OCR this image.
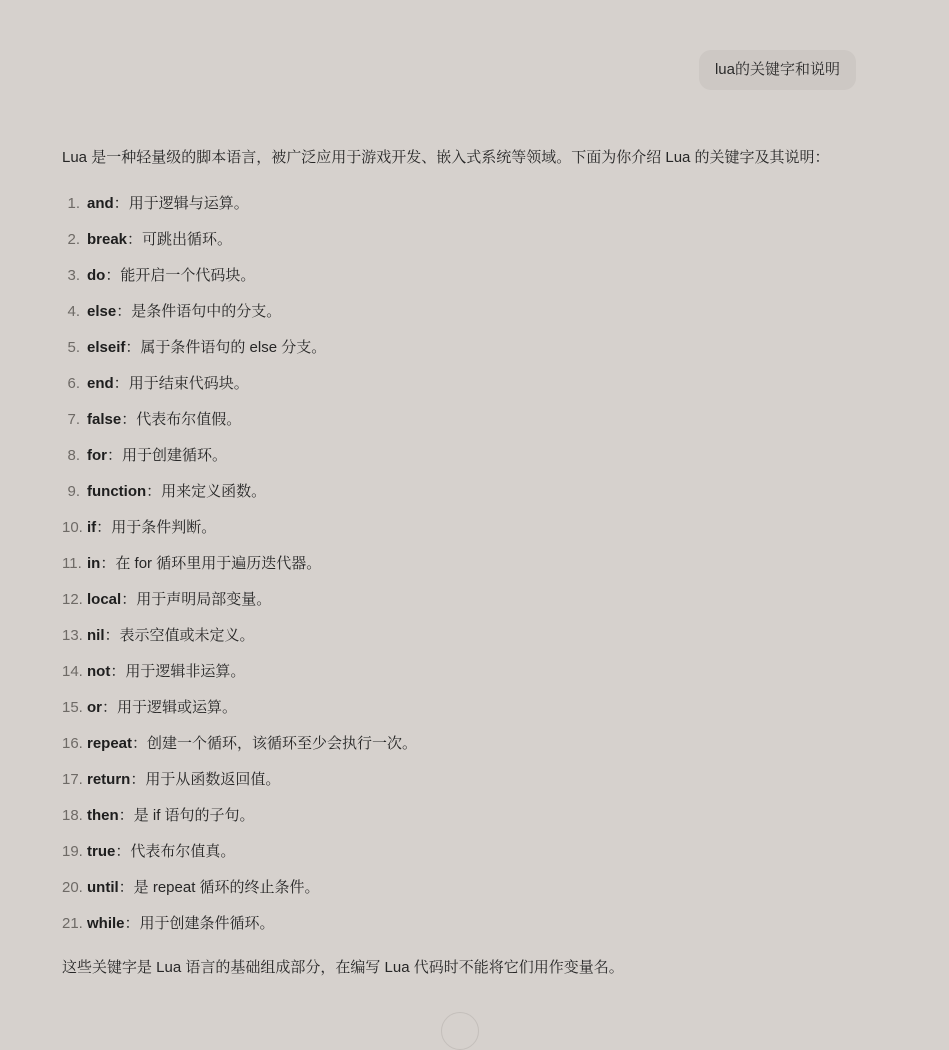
lua的关键字和说明

Lua 是一种轻量级的脚本语言，被广泛应用于游戏开发、嵌入式系统等领域。下面为你介绍 Lua 的关键字及其说明：

1. and：用于逻辑与运算。
2. break：可跳出循环。
3. do：能开启一个代码块。
4. else：是条件语句中的分支。
5. elseif：属于条件语句的 else 分支。
6. end：用于结束代码块。
7. false：代表布尔值假。
8. for：用于创建循环。
9. function：用来定义函数。
10. if：用于条件判断。
11. in：在 for 循环里用于遍历迭代器。
12. local：用于声明局部变量。
13. nil：表示空值或未定义。
14. not：用于逻辑非运算。
15. or：用于逻辑或运算。
16. repeat：创建一个循环，该循环至少会执行一次。
17. return：用于从函数返回值。
18. then：是 if 语句的子句。
19. true：代表布尔值真。
20. until：是 repeat 循环的终止条件。
21. while：用于创建条件循环。

这些关键字是 Lua 语言的基础组成部分，在编写 Lua 代码时不能将它们用作变量名。
